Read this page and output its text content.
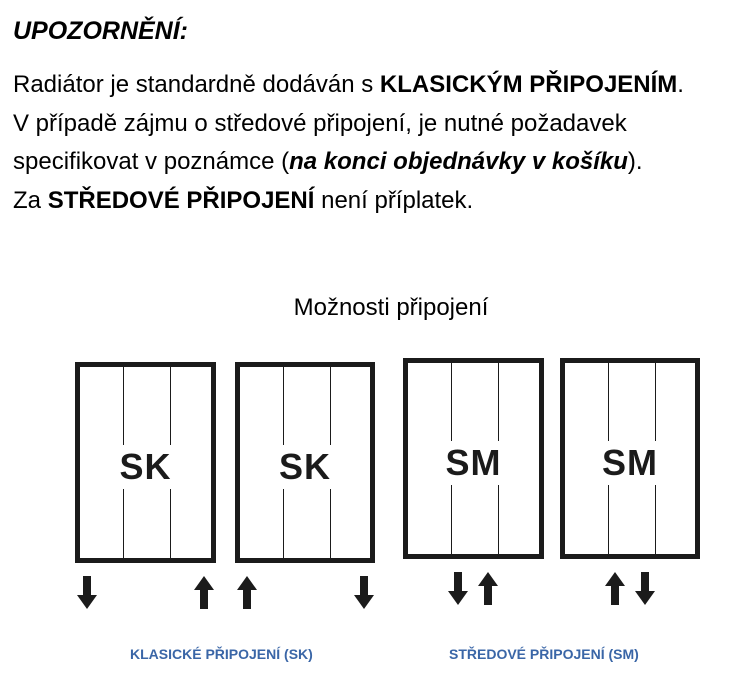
UPOZORNĚNÍ:

Radiátor je standardně dodáván s KLASICKÝM PŘIPOJENÍM.

V případě zájmu o středové připojení, je nutné požadavek

specifikovat v poznámce (na konci objednávky v košíku).

Za STŘEDOVÉ PŘIPOJENÍ není příplatek.

Možnosti připojení
SK	SK	SM	SM
KLASICKÉ PŘIPOJENÍ (SK)	STŘEDOVÉ PŘIPOJENÍ (SM)
